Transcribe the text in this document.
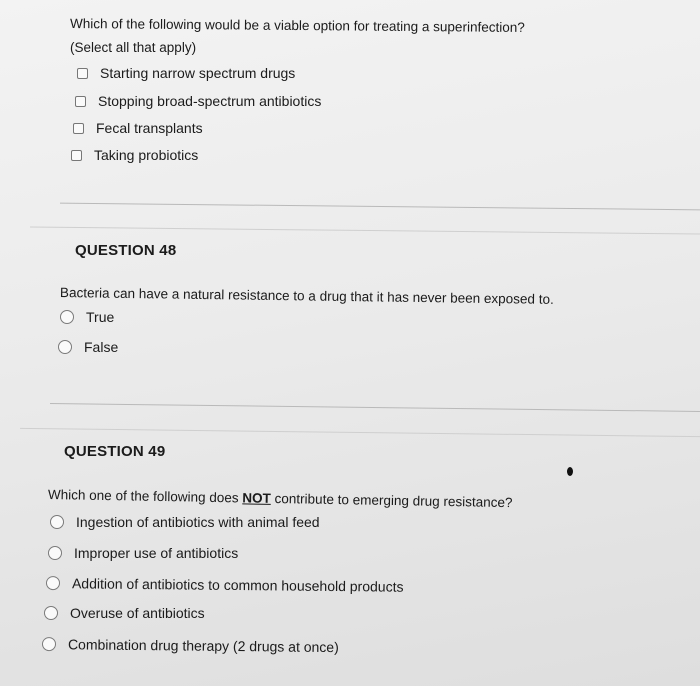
Which of the following would be a viable option for treating a superinfection?
(Select all that apply)
Starting narrow spectrum drugs
Stopping broad-spectrum antibiotics
Fecal transplants
Taking probiotics
QUESTION 48
Bacteria can have a natural resistance to a drug that it has never been exposed to.
True
False
QUESTION 49
Which one of the following does NOT contribute to emerging drug resistance?
Ingestion of antibiotics with animal feed
Improper use of antibiotics
Addition of antibiotics to common household products
Overuse of antibiotics
Combination drug therapy (2 drugs at once)
